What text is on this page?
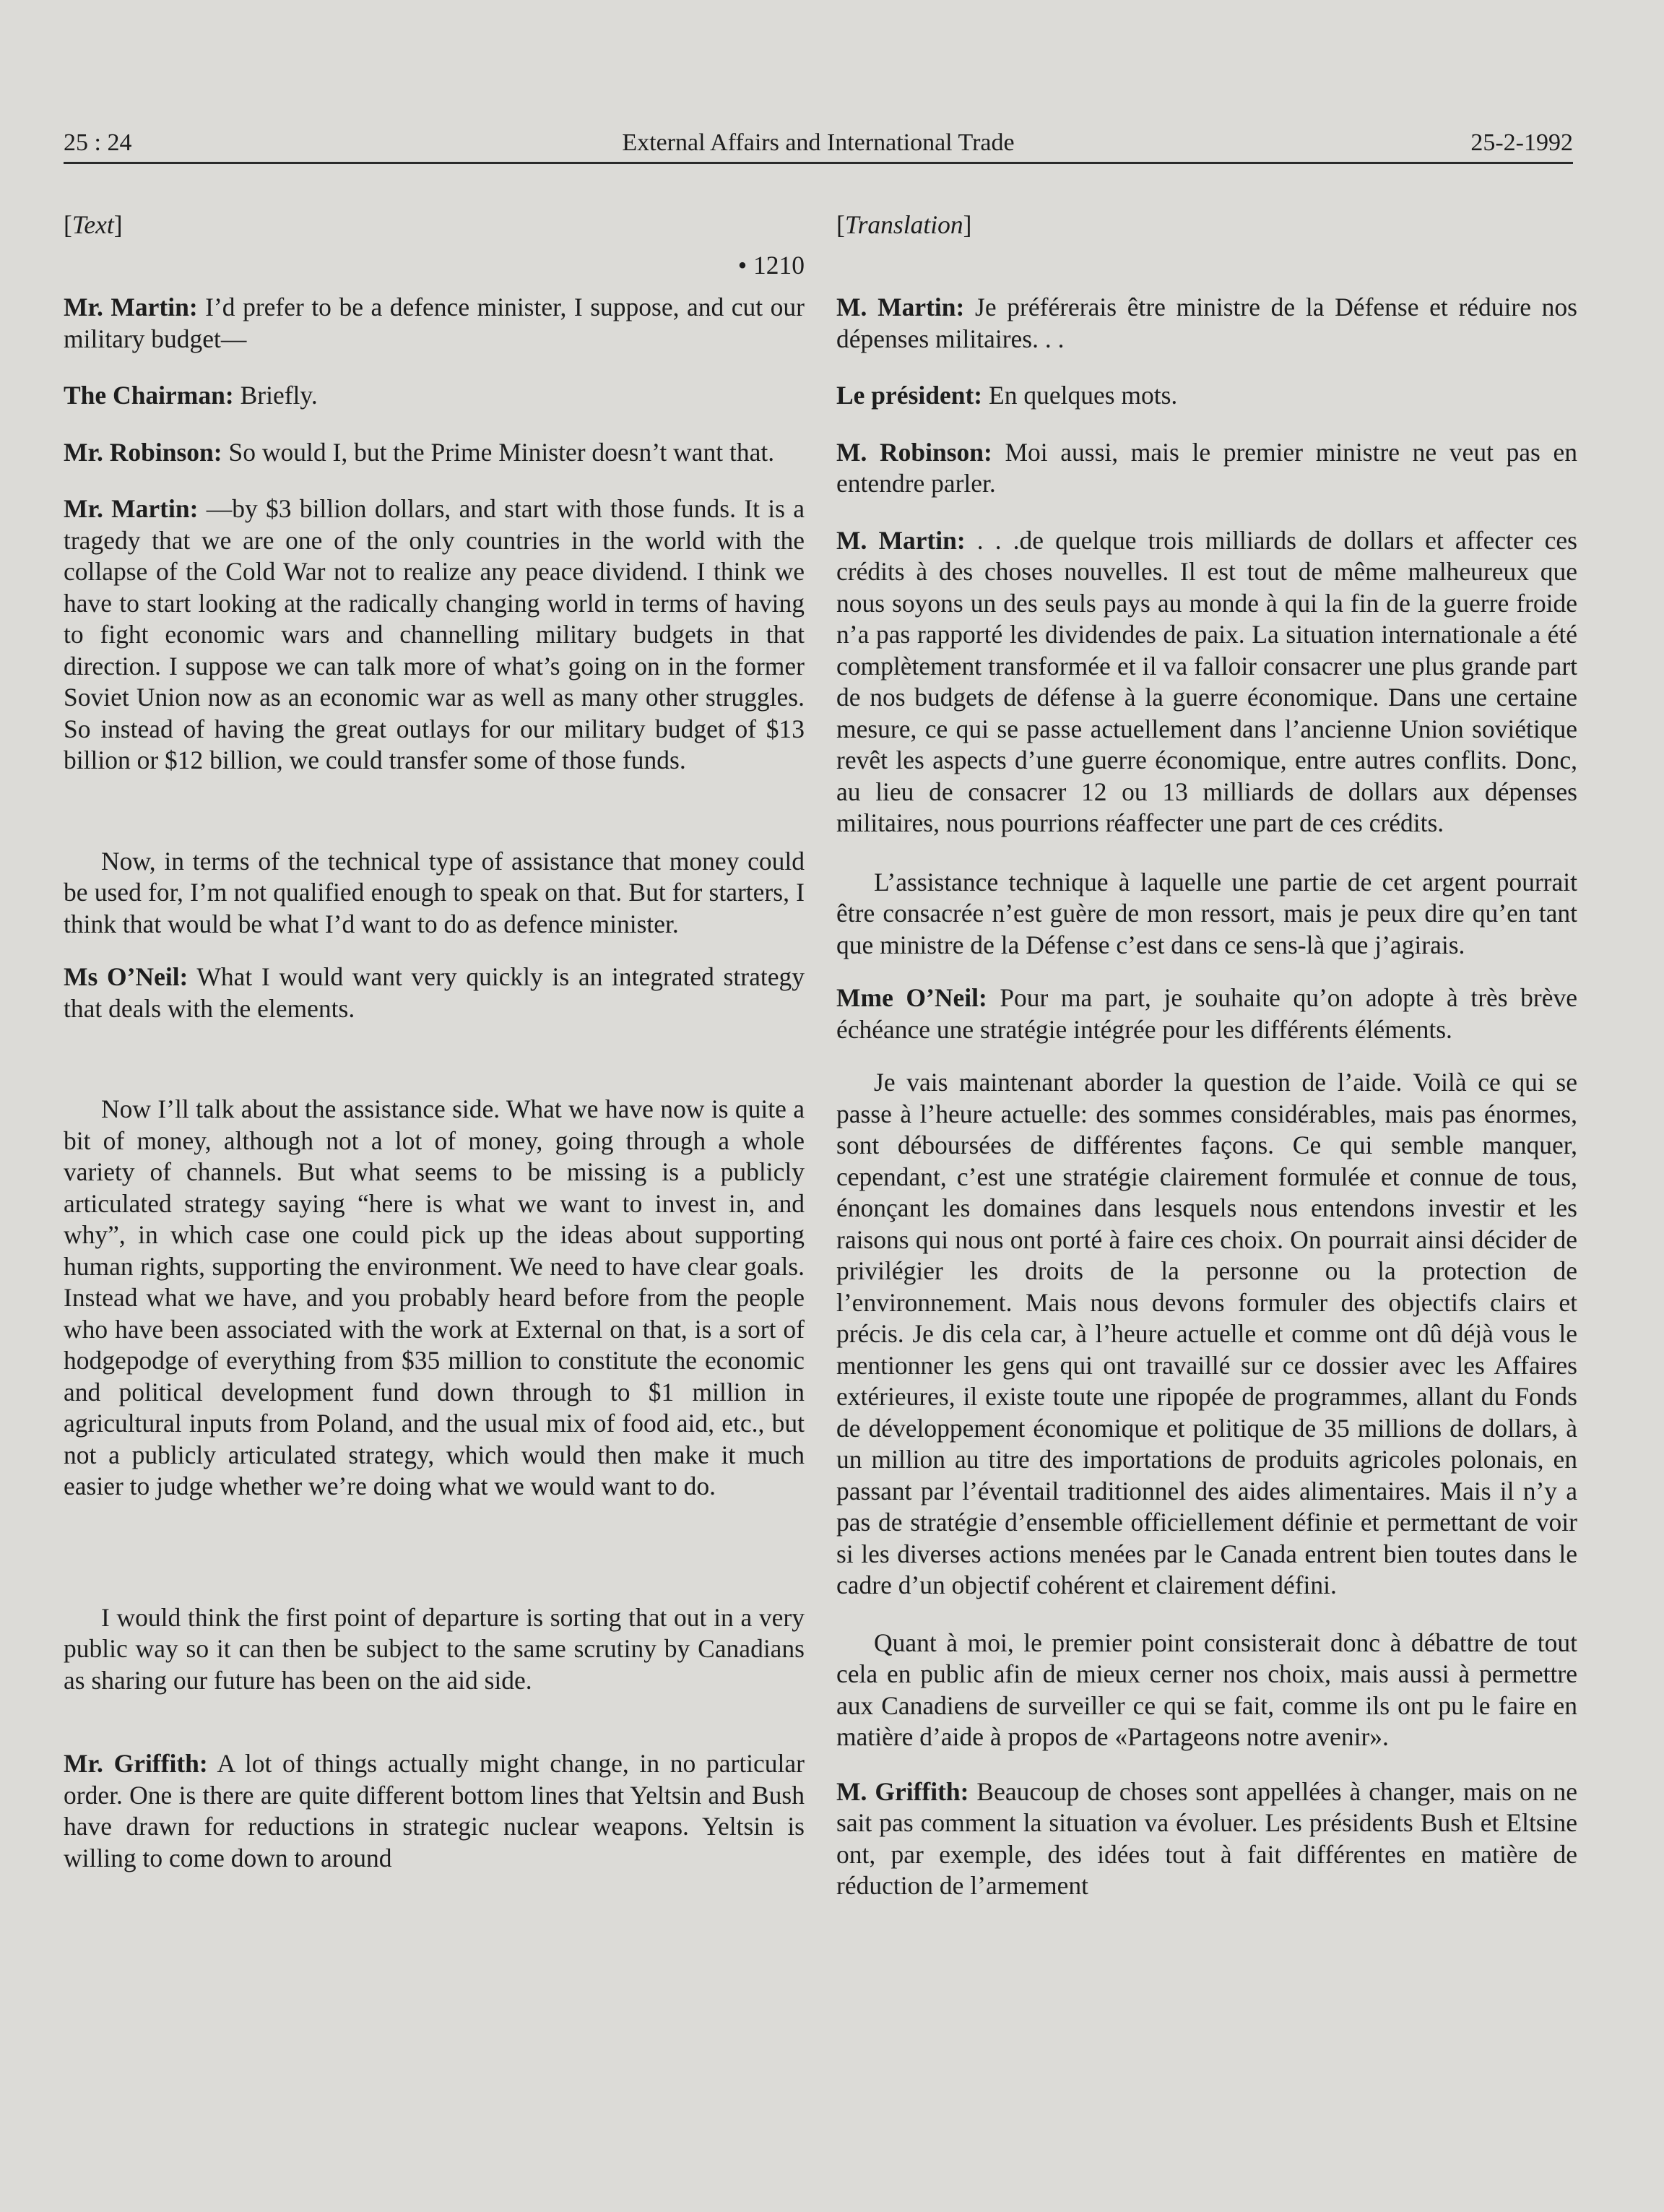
25 : 24	External Affairs and International Trade	25-2-1992
[Text]
• 1210

Mr. Martin: I’d prefer to be a defence minister, I suppose, and cut our military budget—

The Chairman: Briefly.

Mr. Robinson: So would I, but the Prime Minister doesn’t want that.

Mr. Martin: —by $3 billion dollars, and start with those funds. It is a tragedy that we are one of the only countries in the world with the collapse of the Cold War not to realize any peace dividend. I think we have to start looking at the radically changing world in terms of having to fight economic wars and channelling military budgets in that direction. I suppose we can talk more of what’s going on in the former Soviet Union now as an economic war as well as many other struggles. So instead of having the great outlays for our military budget of $13 billion or $12 billion, we could transfer some of those funds.

Now, in terms of the technical type of assistance that money could be used for, I’m not qualified enough to speak on that. But for starters, I think that would be what I’d want to do as defence minister.

Ms O’Neil: What I would want very quickly is an integrated strategy that deals with the elements.

Now I’ll talk about the assistance side. What we have now is quite a bit of money, although not a lot of money, going through a whole variety of channels. But what seems to be missing is a publicly articulated strategy saying “here is what we want to invest in, and why”, in which case one could pick up the ideas about supporting human rights, supporting the environment. We need to have clear goals. Instead what we have, and you probably heard before from the people who have been associated with the work at External on that, is a sort of hodgepodge of everything from $35 million to constitute the economic and political development fund down through to $1 million in agricultural inputs from Poland, and the usual mix of food aid, etc., but not a publicly articulated strategy, which would then make it much easier to judge whether we’re doing what we would want to do.

I would think the first point of departure is sorting that out in a very public way so it can then be subject to the same scrutiny by Canadians as sharing our future has been on the aid side.

Mr. Griffith: A lot of things actually might change, in no particular order. One is there are quite different bottom lines that Yeltsin and Bush have drawn for reductions in strategic nuclear weapons. Yeltsin is willing to come down to around

[Translation]

M. Martin: Je préférerais être ministre de la Défense et réduire nos dépenses militaires. . .

Le président: En quelques mots.

M. Robinson: Moi aussi, mais le premier ministre ne veut pas en entendre parler.

M. Martin: . . .de quelque trois milliards de dollars et affecter ces crédits à des choses nouvelles. Il est tout de même malheureux que nous soyons un des seuls pays au monde à qui la fin de la guerre froide n’a pas rapporté les dividendes de paix. La situation internationale a été complètement transformée et il va falloir consacrer une plus grande part de nos budgets de défense à la guerre économique. Dans une certaine mesure, ce qui se passe actuellement dans l’ancienne Union soviétique revêt les aspects d’une guerre économique, entre autres conflits. Donc, au lieu de consacrer 12 ou 13 milliards de dollars aux dépenses militaires, nous pourrions réaffecter une part de ces crédits.

L’assistance technique à laquelle une partie de cet argent pourrait être consacrée n’est guère de mon ressort, mais je peux dire qu’en tant que ministre de la Défense c’est dans ce sens-là que j’agirais.

Mme O’Neil: Pour ma part, je souhaite qu’on adopte à très brève échéance une stratégie intégrée pour les différents éléments.

Je vais maintenant aborder la question de l’aide. Voilà ce qui se passe à l’heure actuelle: des sommes considérables, mais pas énormes, sont déboursées de différentes façons. Ce qui semble manquer, cependant, c’est une stratégie clairement formulée et connue de tous, énonçant les domaines dans lesquels nous entendons investir et les raisons qui nous ont porté à faire ces choix. On pourrait ainsi décider de privilégier les droits de la personne ou la protection de l’environnement. Mais nous devons formuler des objectifs clairs et précis. Je dis cela car, à l’heure actuelle et comme ont dû déjà vous le mentionner les gens qui ont travaillé sur ce dossier avec les Affaires extérieures, il existe toute une ripopée de programmes, allant du Fonds de développement économique et politique de 35 millions de dollars, à un million au titre des importations de produits agricoles polonais, en passant par l’éventail traditionnel des aides alimentaires. Mais il n’y a pas de stratégie d’ensemble officiellement définie et permettant de voir si les diverses actions menées par le Canada entrent bien toutes dans le cadre d’un objectif cohérent et clairement défini.

Quant à moi, le premier point consisterait donc à débattre de tout cela en public afin de mieux cerner nos choix, mais aussi à permettre aux Canadiens de surveiller ce qui se fait, comme ils ont pu le faire en matière d’aide à propos de «Partageons notre avenir».

M. Griffith: Beaucoup de choses sont appellées à changer, mais on ne sait pas comment la situation va évoluer. Les présidents Bush et Eltsine ont, par exemple, des idées tout à fait différentes en matière de réduction de l’armement
